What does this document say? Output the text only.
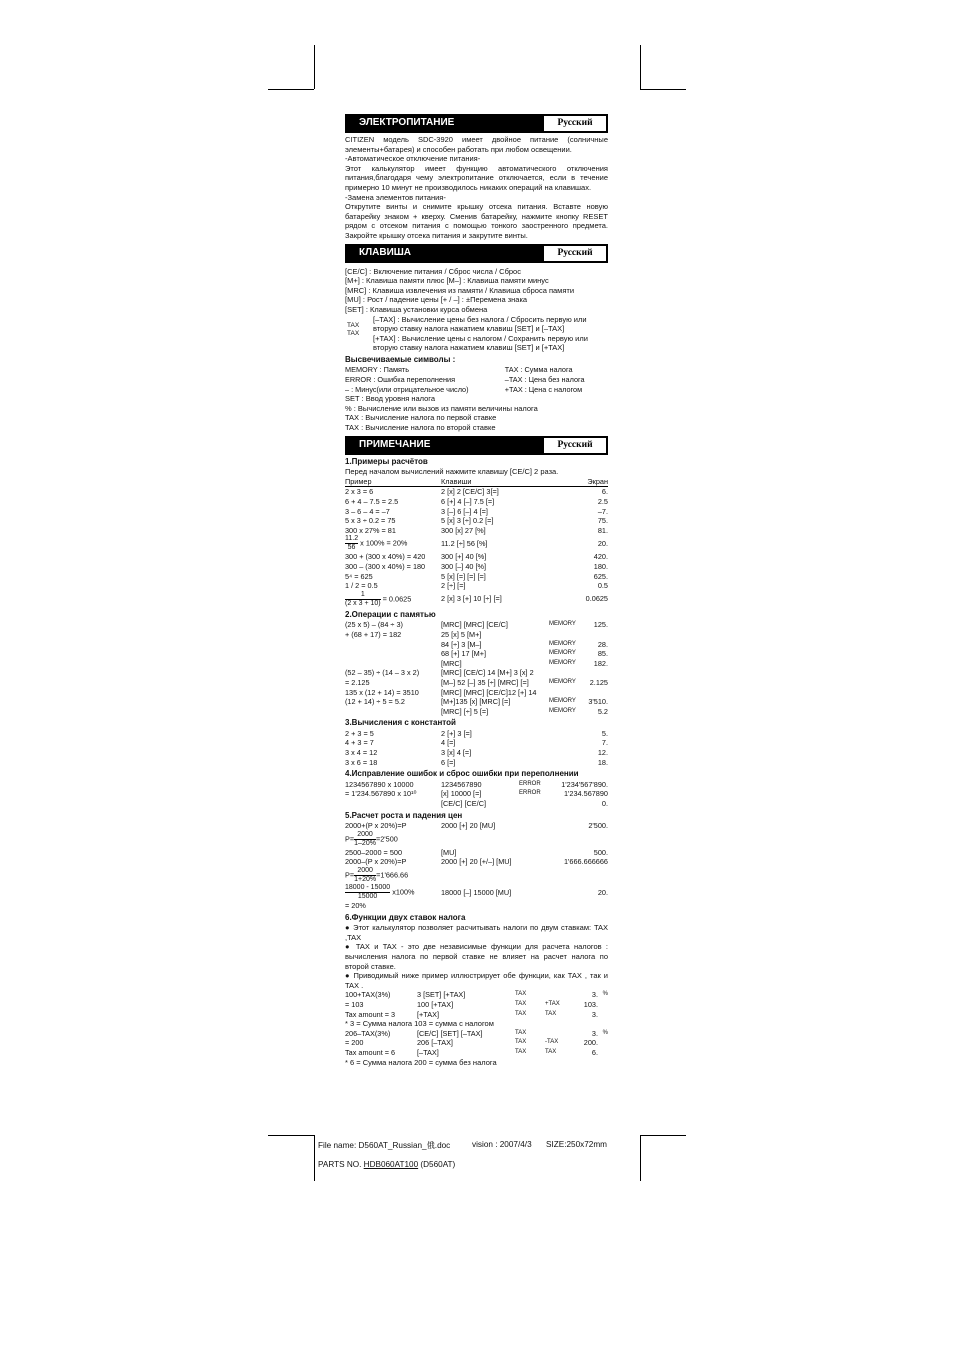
ЭЛЕКТРОПИТАНИЕ	Русский

CITIZEN модель SDC-3920 имеет двойное питание (солничные элементы+батарея) и способен работать при любом освещении.

-Автоматическое отключение питания-

Этот калькулятор имеет функцию автоматического отключения питания,благодаря чему электропитание отключается, если в течение примерно 10 минут не производилось никаких операций на клавишах.

-Замена элементов питания-

Открутите винты и снимите крышку отсека питания. Вставте новую батарейку знаком + кверху. Сменив батарейку, нажмите кнопку RESET рядом с отсеком питания с помощью тонкого заостренного предмета. Закройте крышку отсека питания и закрутите винты.

КЛАВИША	Русский

[CE/C] : Включение питания / Сброс числа / Сброс

[M+] : Клавиша памяти плюс [M–] : Клавиша памяти минус

[MRC] : Клавиша извлечения из памяти / Клавиша сброса памяти

[MU] : Рост / падение цены [+ / –] : ±Перемена знака

[SET] : Клавиша установки курса обмена

TAX
TAX

[–TAX] : Вычисление цены без налога / Сбросить первую или

вторую ставку налога нажатием клавиш [SET] и [–TAX]

[+TAX] : Вычисление цены с налогом / Сохранить первую или

вторую ставку налога нажатием клавиш [SET] и [+TAX]

Высвечиваемые символы :

MEMORY : Память	TAX : Сумма налога
ERROR : Ошибка переполнения	–TAX : Цена без налога
– : Минус(или отрицательное число)	+TAX : Цена с налогом

SET : Ввод уровня налога

% : Вычисление или вызов из памяти величины налога

TAX : Вычисление налога по первой ставке

TAX : Вычисление налога по второй ставке

ПРИМЕЧАНИЕ	Русский

1.Примеры расчётов

Перед началом вычислений нажмите клавишу [CE/C] 2 раза.

Пример	Клавиши	Экран
2 x 3 = 6	2 [x] 2 [CE/C] 3[=]	6.
6 + 4 – 7.5 = 2.5	6 [+] 4 [–] 7.5 [=]	2.5
3 – 6 – 4 = –7	3 [–] 6 [–] 4 [=]	–7.
5 x 3 ÷ 0.2 = 75	5 [x] 3 [÷] 0.2 [=]	75.
300 x 27% = 81	300 [x] 27 [%]	81.

$\frac{11.2}{56}$ x 100% = 20%	11.2 [÷] 56 [%]	20.
300 + (300 x 40%) = 420	300 [+] 40 [%]	420.
300 – (300 x 40%) = 180	300 [–] 40 [%]	180.
5⁴ = 625	5 [x] [=] [=] [=]	625.
1 / 2 = 0.5	2 [÷] [=]	0.5

$\frac{1}{(2 x 3 + 10)} = 0.0625$	2 [x] 3 [+] 10 [÷] [=]	0.0625

2.Операции с памятью

(25 x 5) – (84 ÷ 3)	[MRC] [MRC] [CE/C]	MEMORY	125.
+ (68 + 17) = 182	25 [x] 5 [M+]		
	84 [÷] 3 [M–]	MEMORY	28.
	68 [+] 17 [M+]	MEMORY	85.
	[MRC]	MEMORY	182.
(52 – 35) ÷ (14 – 3 x 2)	[MRC] [CE/C] 14 [M+] 3 [x] 2		
= 2.125	[M–] 52 [–] 35 [÷] [MRC] [=]	MEMORY	2.125
135 x (12 + 14) = 3510	[MRC] [MRC] [CE/C]12 [+] 14		
(12 + 14) ÷ 5 = 5.2	[M+]135 [x] [MRC] [=]	MEMORY	3'510.
	[MRC] [÷] 5 [=]	MEMORY	5.2

3.Вычисления с константой

2 + 3 = 5	2 [+] 3 [=]	5.
4 + 3 = 7	4 [=]	7.
3 x 4 = 12	3 [x] 4 [=]	12.
3 x 6 = 18	6 [=]	18.

4.Исправление ошибок и сброс ошибки при переполнении

1234567890 x 10000	1234567890	ERROR	1'234'567'890.
= 1'234.567890 x 10¹⁰	[x] 10000 [=]	ERROR	1'234.567890
	[CE/C] [CE/C]		0.

5.Расчет роста и падения цен

2000+(P x 20%)=P	2000 [+] 20 [MU]	2'500.
$P= \frac{2000}{1-20\%} =2'500$		
2500–2000 = 500	[MU]	500.
2000–(P x 20%)=P	2000 [+] 20 [+/–] [MU]	1'666.666666
$P= \frac{2000}{1+20\%} =1'666.66$		

$\frac{18000 - 15000}{15000} x100\%$	18000 [–] 15000 [MU]	20.
= 20%		

6.Функции двух ставок налога

● Этот калькулятор позволяет расчитывать налоги по двум ставкам: TAX ,TAX

● TAX и TAX - это две независимые функции для расчета налогов : вычисления налога по первой ставке не влияет на расчет налога по второй ставке.

● Приводимый ниже пример иллюстрирует обе функции, как TAX , так и TAX .

100+TAX(3%)	3 [SET] [+TAX]	TAX		3.	%
= 103	100 [+TAX]	TAX	+TAX	103.	
Tax amount = 3	[+TAX]	TAX	TAX	3.	

* 3 = Сумма налога 103 = сумма с налогом

206–TAX(3%)	[CE/C] [SET] [–TAX]	TAX		3.	%
= 200	206 [–TAX]	TAX	-TAX	200.	
Tax amount = 6	[–TAX]	TAX	TAX	6.	

* 6 = Сумма налога 200 = сумма без налога

File name: D560AT_Russian_俄.doc	vision : 2007/4/3 SIZE:250x72mm
PARTS NO. HDB060AT100 (D560AT)
